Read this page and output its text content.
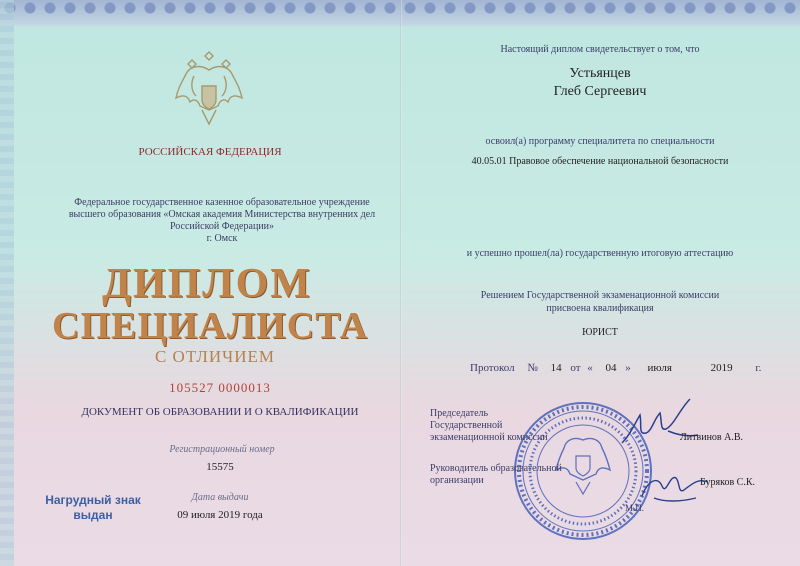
РОССИЙСКАЯ ФЕДЕРАЦИЯ
Федеральное государственное казенное образовательное учреждение
высшего образования «Омская академия Министерства внутренних дел
Российской Федерации»
г. Омск
ДИПЛОМ
СПЕЦИАЛИСТА
С ОТЛИЧИЕМ
105527 0000013
ДОКУМЕНТ ОБ ОБРАЗОВАНИИ И О КВАЛИФИКАЦИИ
Регистрационный номер
15575
Нагрудный знак
выдан
Дата выдачи
09 июля 2019 года
Настоящий диплом свидетельствует о том, что
Устьянцев
Глеб Сергеевич
освоил(а) программу специалитета по специальности
40.05.01 Правовое обеспечение национальной безопасности
и успешно прошел(ла) государственную итоговую аттестацию
Решением Государственной экзаменационной комиссии
присвоена квалификация
ЮРИСТ
Протокол № 14 от « 04 » июля	2019 г.
Председатель
Государственной
экзаменационной комиссии	Литвинов А.В.
Руководитель образовательной
организации	Буряков С.К.
М.П.
